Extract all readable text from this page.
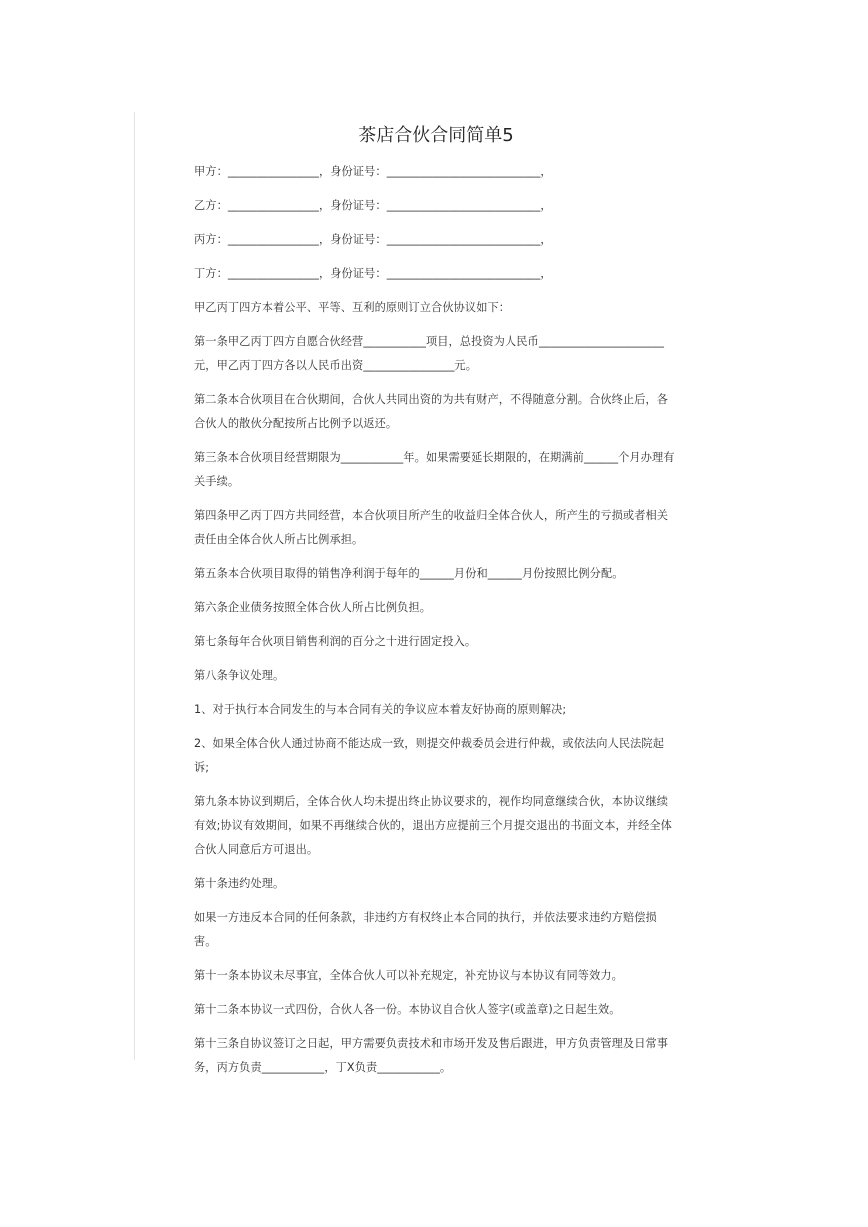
茶店合伙合同简单5

甲方：________________，身份证号：___________________________，

乙方：________________，身份证号：___________________________，

丙方：________________，身份证号：___________________________，

丁方：________________，身份证号：___________________________，

甲乙丙丁四方本着公平、平等、互利的原则订立合伙协议如下：

第一条甲乙丙丁四方自愿合伙经营___________项目，总投资为人民币______________________元，甲乙丙丁四方各以人民币出资________________元。

第二条本合伙项目在合伙期间，合伙人共同出资的为共有财产，不得随意分割。合伙终止后，各合伙人的散伙分配按所占比例予以返还。

第三条本合伙项目经营期限为___________年。如果需要延长期限的，在期满前______个月办理有关手续。

第四条甲乙丙丁四方共同经营，本合伙项目所产生的收益归全体合伙人，所产生的亏损或者相关责任由全体合伙人所占比例承担。

第五条本合伙项目取得的销售净利润于每年的______月份和______月份按照比例分配。

第六条企业债务按照全体合伙人所占比例负担。

第七条每年合伙项目销售利润的百分之十进行固定投入。

第八条争议处理。

1、对于执行本合同发生的与本合同有关的争议应本着友好协商的原则解决;

2、如果全体合伙人通过协商不能达成一致，则提交仲裁委员会进行仲裁，或依法向人民法院起诉;

第九条本协议到期后，全体合伙人均未提出终止协议要求的，视作均同意继续合伙，本协议继续有效;协议有效期间，如果不再继续合伙的，退出方应提前三个月提交退出的书面文本，并经全体合伙人同意后方可退出。

第十条违约处理。

如果一方违反本合同的任何条款，非违约方有权终止本合同的执行，并依法要求违约方赔偿损害。

第十一条本协议未尽事宜，全体合伙人可以补充规定，补充协议与本协议有同等效力。

第十二条本协议一式四份，合伙人各一份。本协议自合伙人签字(或盖章)之日起生效。

第十三条自协议签订之日起，甲方需要负责技术和市场开发及售后跟进，甲方负责管理及日常事务，丙方负责___________，丁X负责___________。
